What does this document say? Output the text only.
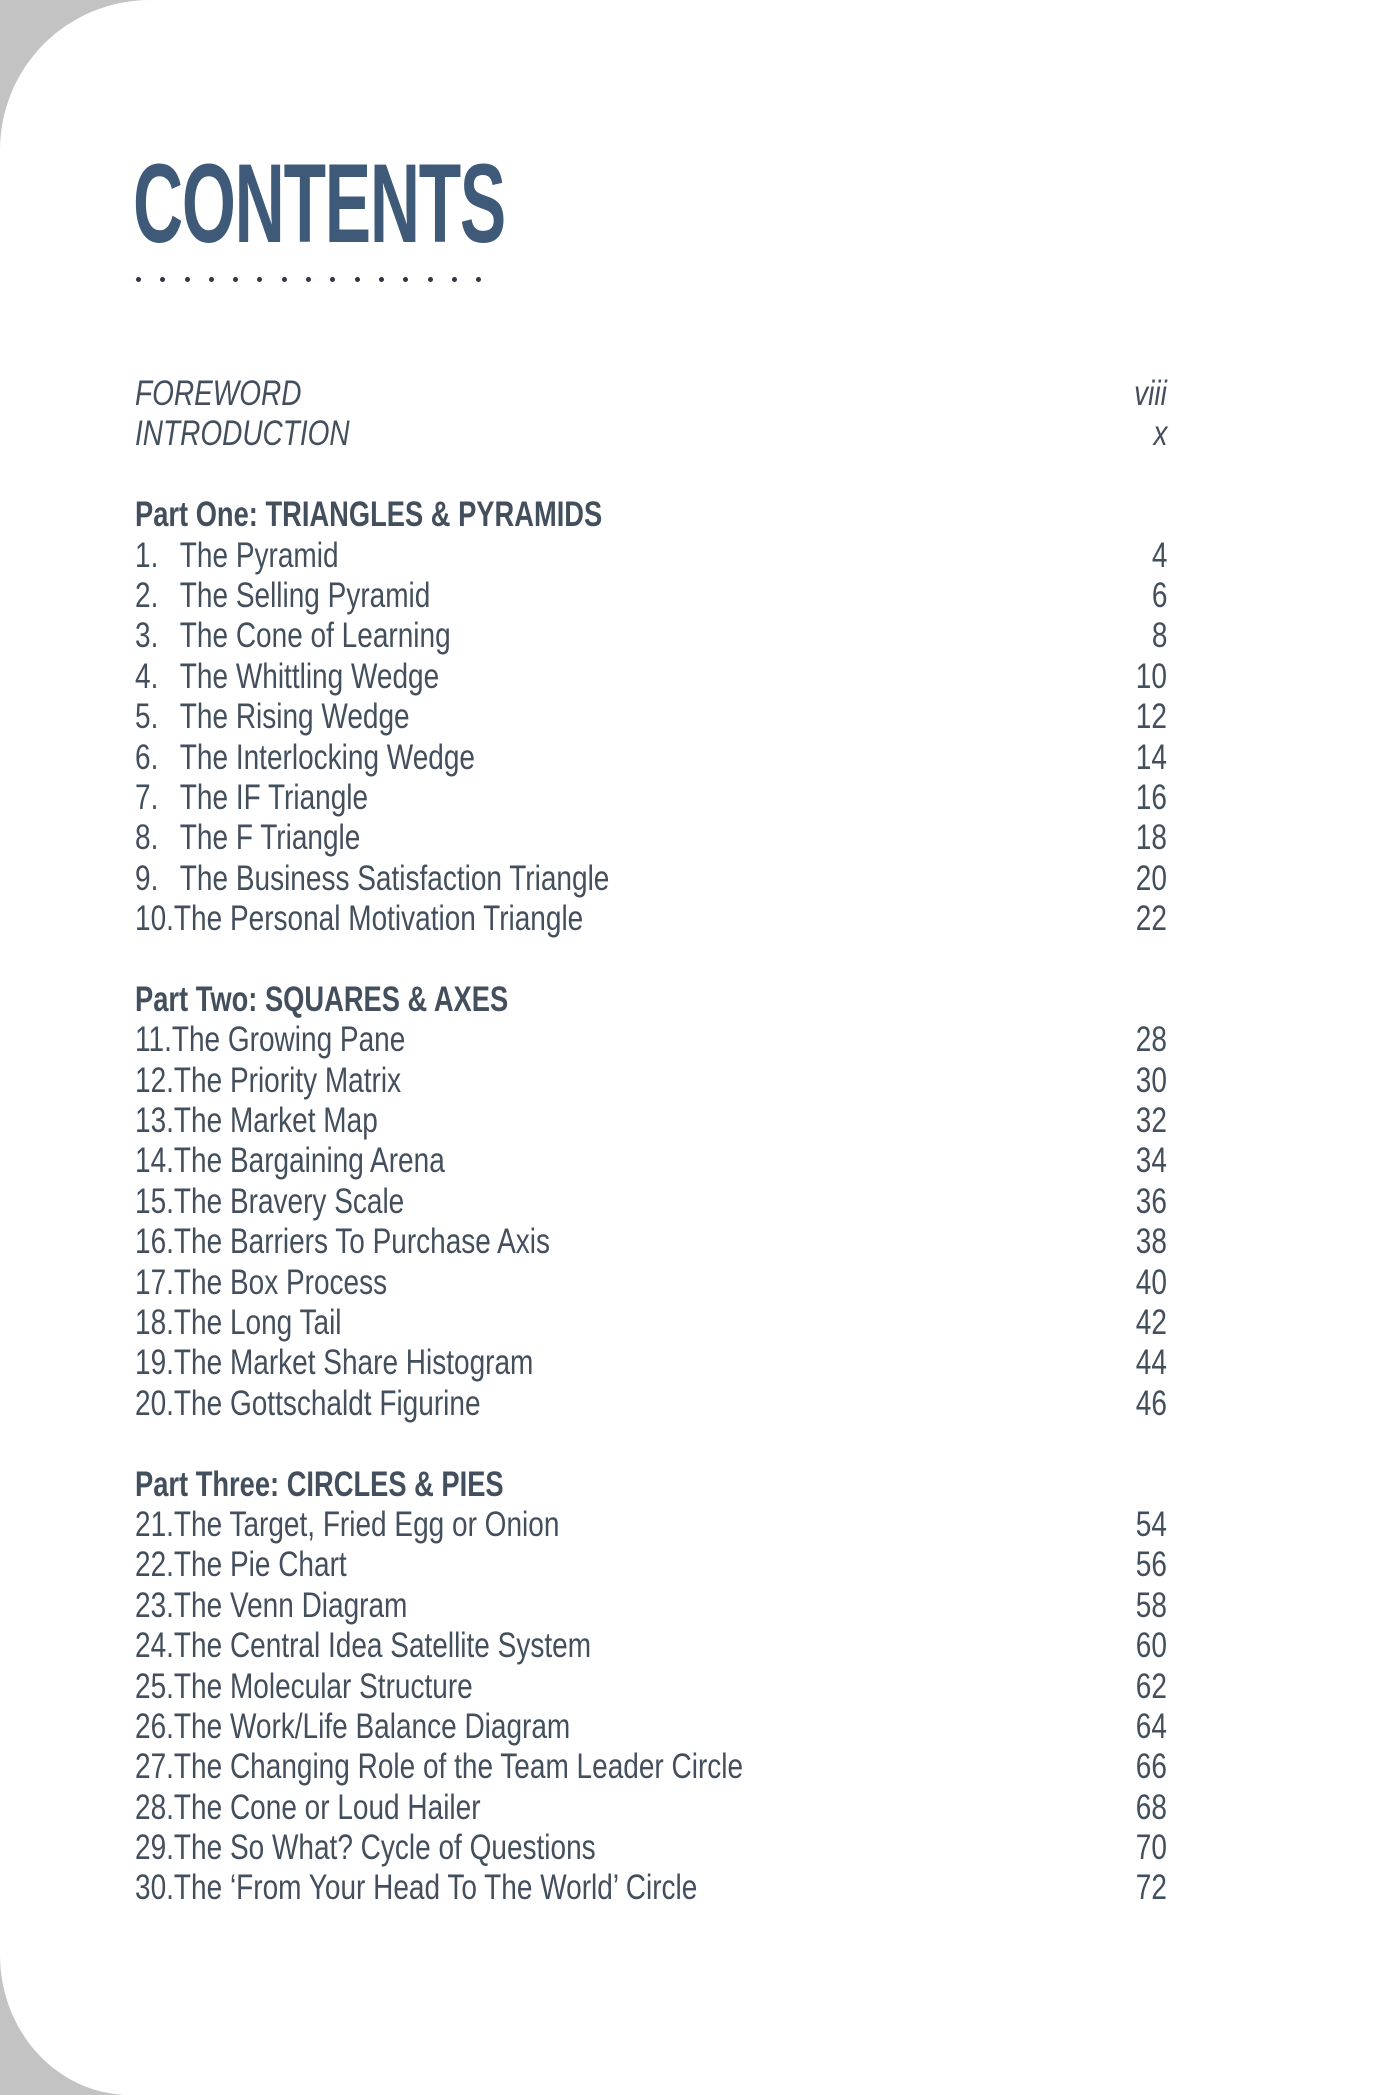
CONTENTS
FOREWORD	viii
INTRODUCTION	x
Part One: TRIANGLES & PYRAMIDS
1. The Pyramid	4
2. The Selling Pyramid	6
3. The Cone of Learning	8
4. The Whittling Wedge	10
5. The Rising Wedge	12
6. The Interlocking Wedge	14
7. The IF Triangle	16
8. The F Triangle	18
9. The Business Satisfaction Triangle	20
10.The Personal Motivation Triangle	22
Part Two: SQUARES & AXES
11.The Growing Pane	28
12.The Priority Matrix	30
13.The Market Map	32
14.The Bargaining Arena	34
15.The Bravery Scale	36
16.The Barriers To Purchase Axis	38
17.The Box Process	40
18.The Long Tail	42
19.The Market Share Histogram	44
20.The Gottschaldt Figurine	46
Part Three: CIRCLES & PIES
21.The Target, Fried Egg or Onion	54
22.The Pie Chart	56
23.The Venn Diagram	58
24.The Central Idea Satellite System	60
25.The Molecular Structure	62
26.The Work/Life Balance Diagram	64
27.The Changing Role of the Team Leader Circle	66
28.The Cone or Loud Hailer	68
29.The So What? Cycle of Questions	70
30.The ‘From Your Head To The World’ Circle	72
